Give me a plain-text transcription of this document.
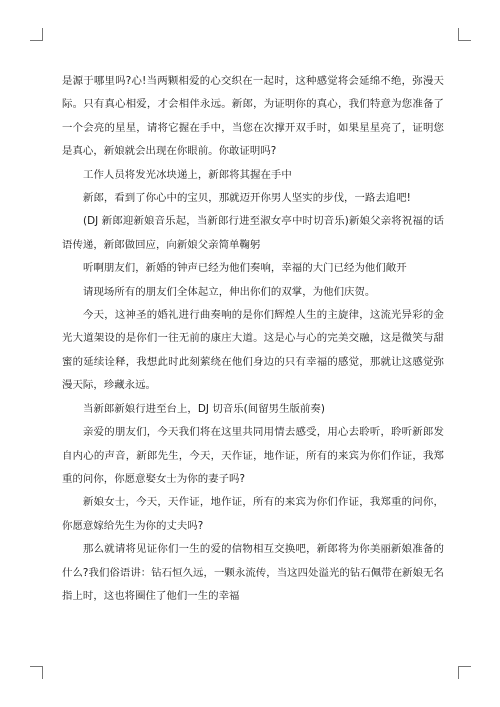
是源于哪里吗?心!当两颗相爱的心交织在一起时，这种感觉将会延绵不绝，弥漫天际。只有真心相爱，才会相伴永远。新郎，为证明你的真心，我们特意为您准备了一个会亮的星星，请将它握在手中，当您在次撑开双手时，如果星星亮了，证明您是真心，新娘就会出现在你眼前。你敢证明吗?

工作人员将发光冰块递上，新郎将其握在手中

新郎，看到了你心中的宝贝，那就迈开你男人坚实的步伐，一路去追吧!

(DJ 新郎迎新娘音乐起，当新郎行进至淑女亭中时切音乐)新娘父亲将祝福的话语传递，新郎做回应，向新娘父亲简单鞠躬

听啊朋友们，新婚的钟声已经为他们奏响，幸福的大门已经为他们敞开

请现场所有的朋友们全体起立，伸出你们的双掌，为他们庆贺。

今天，这神圣的婚礼进行曲奏响的是你们辉煌人生的主旋律，这流光异彩的金光大道架设的是你们一往无前的康庄大道。这是心与心的完美交融，这是微笑与甜蜜的延续诠释，我想此时此刻萦绕在他们身边的只有幸福的感觉，那就让这感觉弥漫天际，珍藏永远。

当新郎新娘行进至台上，DJ 切音乐(间留男生版前奏)

亲爱的朋友们，今天我们将在这里共同用情去感受，用心去聆听，聆听新郎发自内心的声音，新郎先生，今天，天作证，地作证，所有的来宾为你们作证，我郑重的问你，你愿意娶女士为你的妻子吗?

新娘女士，今天，天作证，地作证，所有的来宾为你们作证，我郑重的问你，你愿意嫁给先生为你的丈夫吗?

那么就请将见证你们一生的爱的信物相互交换吧，新郎将为你美丽新娘准备的什么?我们俗语讲：钻石恒久远，一颗永流传，当这四处溢光的钻石佩带在新娘无名指上时，这也将圈住了他们一生的幸福
